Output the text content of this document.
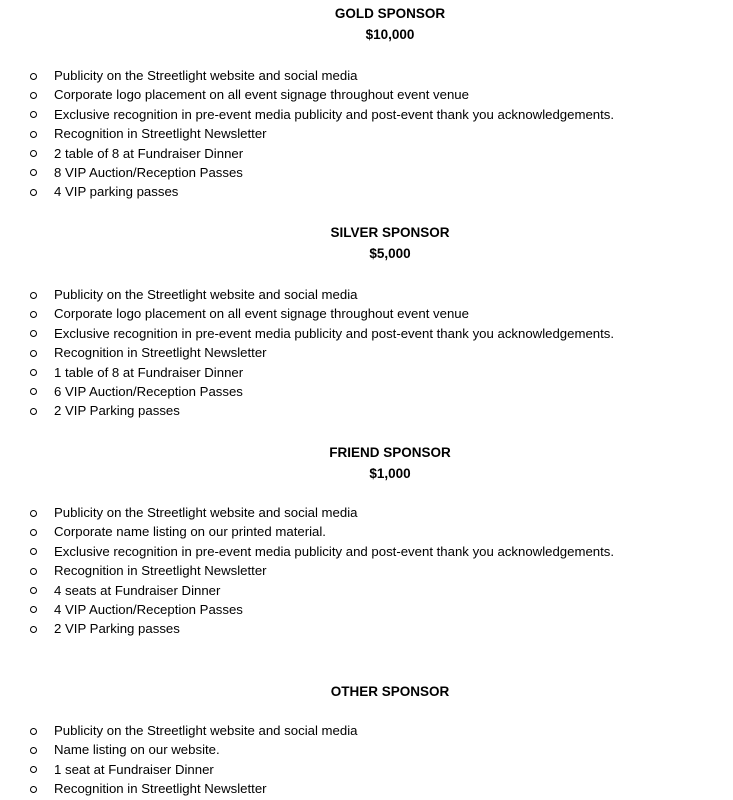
GOLD SPONSOR
$10,000
Publicity on the Streetlight website and social media
Corporate logo placement on all event signage throughout event venue
Exclusive recognition in pre-event media publicity and post-event thank you acknowledgements.
Recognition in Streetlight Newsletter
2 table of 8 at Fundraiser Dinner
8 VIP Auction/Reception Passes
4 VIP parking passes
SILVER SPONSOR
$5,000
Publicity on the Streetlight website and social media
Corporate logo placement on all event signage throughout event venue
Exclusive recognition in pre-event media publicity and post-event thank you acknowledgements.
Recognition in Streetlight Newsletter
1 table of 8 at Fundraiser Dinner
6 VIP Auction/Reception Passes
2 VIP Parking passes
FRIEND SPONSOR
$1,000
Publicity on the Streetlight website and social media
Corporate name listing on our printed material.
Exclusive recognition in pre-event media publicity and post-event thank you acknowledgements.
Recognition in Streetlight Newsletter
4 seats at Fundraiser Dinner
4 VIP Auction/Reception Passes
2 VIP Parking passes
OTHER SPONSOR
Publicity on the Streetlight website and social media
Name listing on our website.
1 seat at Fundraiser Dinner
Recognition in Streetlight Newsletter
